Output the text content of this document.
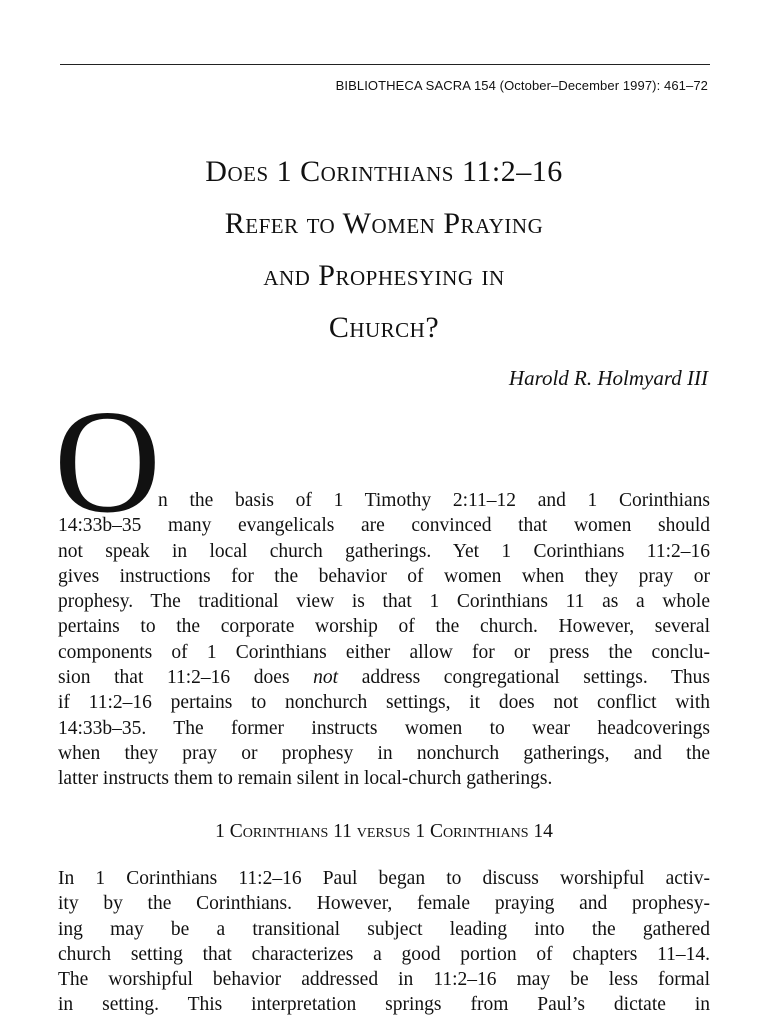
BIBLIOTHECA SACRA 154 (October–December 1997): 461–72
Does 1 Corinthians 11:2–16
Refer to Women Praying
and Prophesying in
Church?
Harold R. Holmyard III
O
n the basis of 1 Timothy 2:11–12 and 1 Corinthians
14:33b–35 many evangelicals are convinced that women should
not speak in local church gatherings. Yet 1 Corinthians 11:2–16
gives instructions for the behavior of women when they pray or
prophesy. The traditional view is that 1 Corinthians 11 as a whole
pertains to the corporate worship of the church. However, several
components of 1 Corinthians either allow for or press the conclu-
sion that 11:2–16 does not address congregational settings. Thus
if 11:2–16 pertains to nonchurch settings, it does not conflict with
14:33b–35. The former instructs women to wear headcoverings
when they pray or prophesy in nonchurch gatherings, and the
latter instructs them to remain silent in local-church gatherings.
1 Corinthians 11 versus 1 Corinthians 14
In 1 Corinthians 11:2–16 Paul began to discuss worshipful activ-
ity by the Corinthians. However, female praying and prophesy-
ing may be a transitional subject leading into the gathered
church setting that characterizes a good portion of chapters 11–14.
The worshipful behavior addressed in 11:2–16 may be less formal
in setting. This interpretation springs from Paul’s dictate in
